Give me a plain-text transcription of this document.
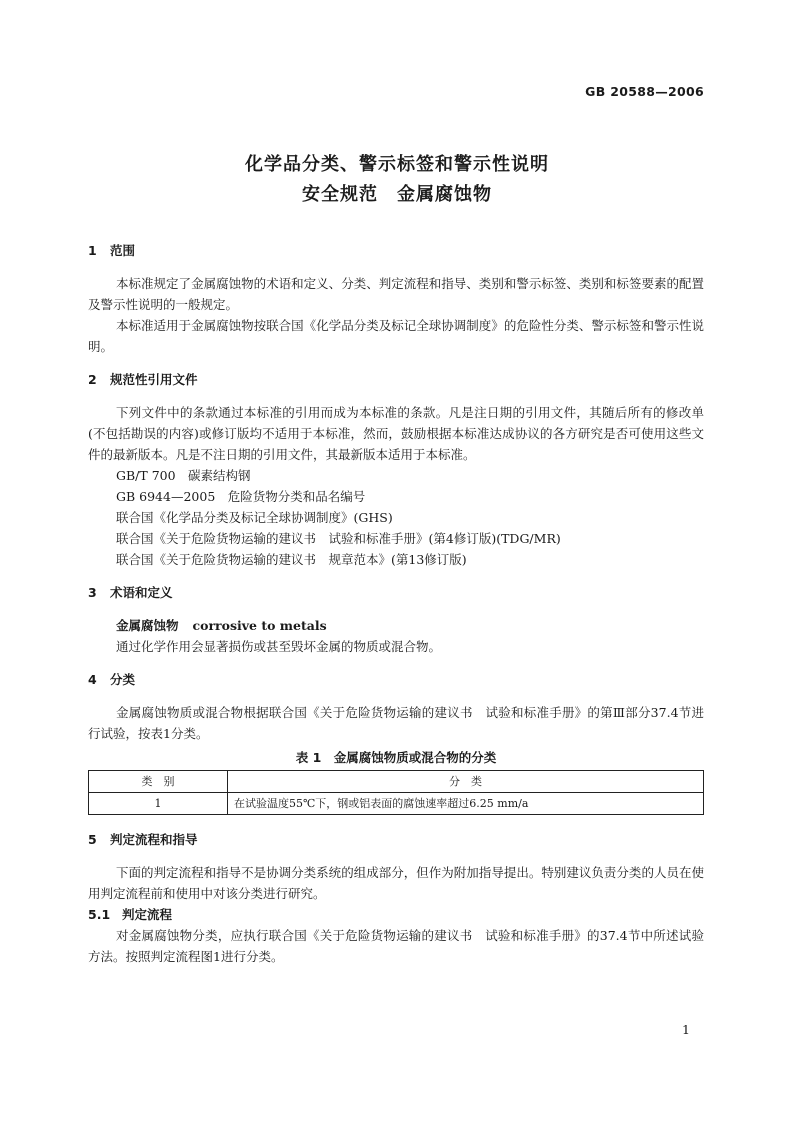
GB 20588—2006
化学品分类、警示标签和警示性说明
安全规范　金属腐蚀物
1 范围

本标准规定了金属腐蚀物的术语和定义、分类、判定流程和指导、类别和警示标签、类别和标签要素的配置及警示性说明的一般规定。

本标准适用于金属腐蚀物按联合国《化学品分类及标记全球协调制度》的危险性分类、警示标签和警示性说明。

2 规范性引用文件

下列文件中的条款通过本标准的引用而成为本标准的条款。凡是注日期的引用文件，其随后所有的修改单(不包括勘误的内容)或修订版均不适用于本标准，然而，鼓励根据本标准达成协议的各方研究是否可使用这些文件的最新版本。凡是不注日期的引用文件，其最新版本适用于本标准。

GB/T 700　碳素结构钢

GB 6944—2005　危险货物分类和品名编号

联合国《化学品分类及标记全球协调制度》(GHS)

联合国《关于危险货物运输的建议书　试验和标准手册》(第4修订版)(TDG/MR)

联合国《关于危险货物运输的建议书　规章范本》(第13修订版)

3 术语和定义

金属腐蚀物 corrosive to metals

通过化学作用会显著损伤或甚至毁坏金属的物质或混合物。

4 分类

金属腐蚀物质或混合物根据联合国《关于危险货物运输的建议书　试验和标准手册》的第Ⅲ部分37.4节进行试验，按表1分类。

表 1　金属腐蚀物质或混合物的分类
类　别	分　类
1	在试验温度55℃下，钢或铝表面的腐蚀速率超过6.25 mm/a
5 判定流程和指导

下面的判定流程和指导不是协调分类系统的组成部分，但作为附加指导提出。特别建议负责分类的人员在使用判定流程前和使用中对该分类进行研究。

5.1 判定流程

对金属腐蚀物分类，应执行联合国《关于危险货物运输的建议书　试验和标准手册》的37.4节中所述试验方法。按照判定流程图1进行分类。

1
